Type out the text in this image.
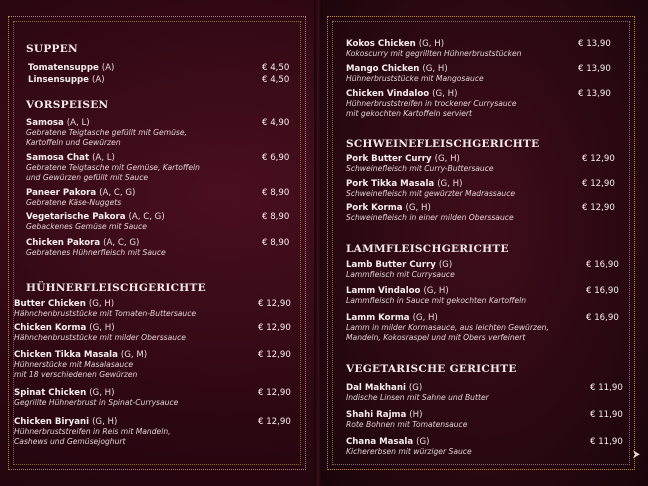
SUPPEN
Tomatensuppe (A)	€ 4,50
Linsensuppe (A)	€ 4,50
VORSPEISEN
Samosa (A, L)
Gebratene Teigtasche gefüllt mit Gemüse,
Kartoffeln und Gewürzen
€ 4,90
Samosa Chat (A, L)
Gebratene Teigtasche mit Gemüse, Kartoffeln
und Gewürzen gefüllt mit Sauce
€ 6,90
Paneer Pakora (A, C, G)
Gebratene Käse-Nuggets
€ 8,90
Vegetarische Pakora (A, C, G)
Gebackenes Gemüse mit Sauce
€ 8,90
Chicken Pakora (A, C, G)
Gebratenes Hühnerfleisch mit Sauce
€ 8,90
HÜHNERFLEISCHGERICHTE
Butter Chicken (G, H)
Hähnchenbruststücke mit Tomaten-Buttersauce
€ 12,90
Chicken Korma (G, H)
Hähnchenbruststücke mit milder Oberssauce
€ 12,90
Chicken Tikka Masala (G, M)
Hühnerstücke mit Masalasauce
mit 18 verschiedenen Gewürzen
€ 12,90
Spinat Chicken (G, H)
Gegrillte Hühnerbrust in Spinat-Currysauce
€ 12,90
Chicken Biryani (G, H)
Hühnerbruststreifen in Reis mit Mandeln,
Cashews und Gemüsejoghurt
€ 12,90
Kokos Chicken (G, H)
Kokoscurry mit gegrillten Hühnerbruststücken
€ 13,90
Mango Chicken (G, H)
Hühnerbruststücke mit Mangosauce
€ 13,90
Chicken Vindaloo (G, H)
Hühnerbruststreifen in trockener Currysauce
mit gekochten Kartoffeln serviert
€ 13,90
SCHWEINEFLEISCHGERICHTE
Pork Butter Curry (G, H)
Schweinefleisch mit Curry-Buttersauce
€ 12,90
Pork Tikka Masala (G, H)
Schweinefleisch mit gewürzter Madrassauce
€ 12,90
Pork Korma (G, H)
Schweinefleisch in einer milden Oberssauce
€ 12,90
LAMMFLEISCHGERICHTE
Lamb Butter Curry (G)
Lammfleisch mit Currysauce
€ 16,90
Lamm Vindaloo (G, H)
Lammfleisch in Sauce mit gekochten Kartoffeln
€ 16,90
Lamm Korma (G, H)
Lamm in milder Kormasauce, aus leichten Gewürzen,
Mandeln, Kokosraspel und mit Obers verfeinert
€ 16,90
VEGETARISCHE GERICHTE
Dal Makhani (G)
Indische Linsen mit Sahne und Butter
€ 11,90
Shahi Rajma (H)
Rote Bohnen mit Tomatensauce
€ 11,90
Chana Masala (G)
Kichererbsen mit würziger Sauce
€ 11,90
⮞
